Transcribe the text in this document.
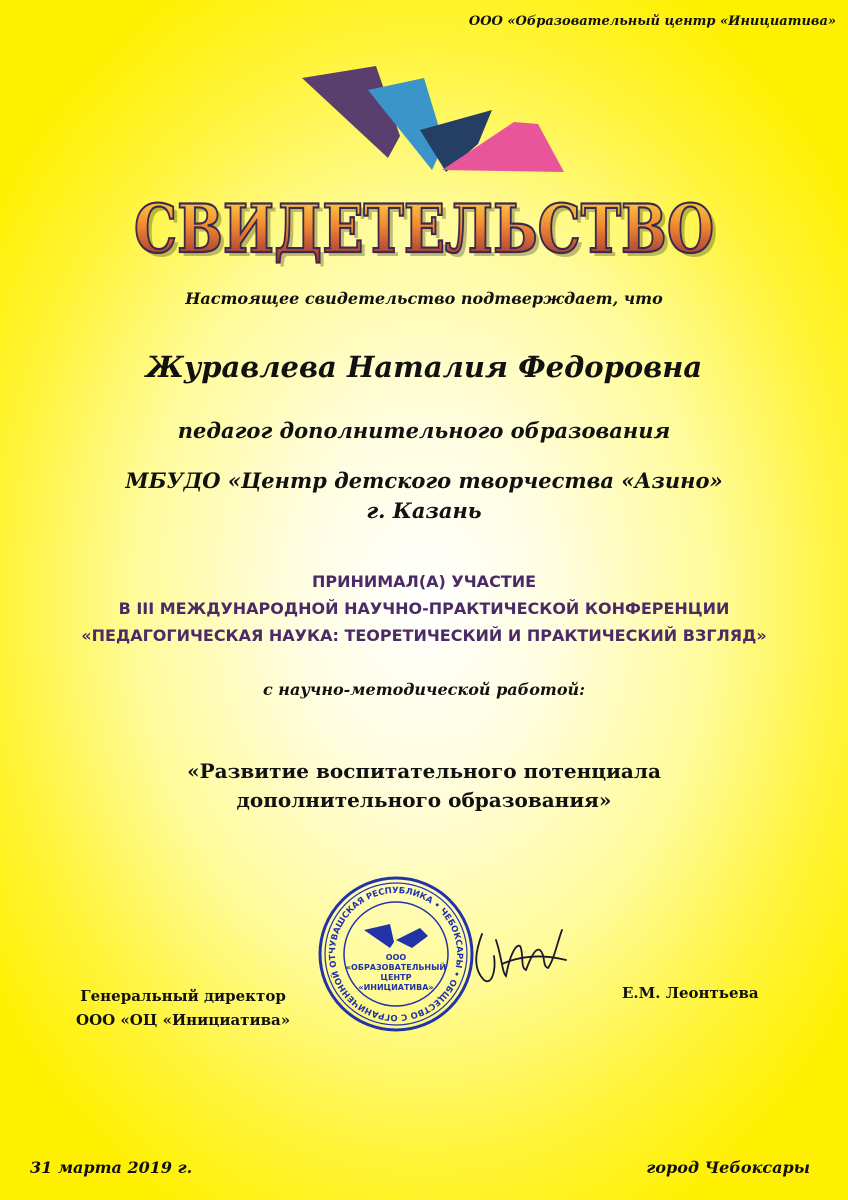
ООО «Образовательный центр «Инициатива»
СВИДЕТЕЛЬСТВО
СВИДЕТЕЛЬСТВО
Настоящее свидетельство подтверждает, что
Журавлева Наталия Федоровна
педагог дополнительного образования
МБУДО «Центр детского творчества «Азино»
г. Казань
ПРИНИМАЛ(А) УЧАСТИЕ
В III МЕЖДУНАРОДНОЙ НАУЧНО-ПРАКТИЧЕСКОЙ КОНФЕРЕНЦИИ
«ПЕДАГОГИЧЕСКАЯ НАУКА: ТЕОРЕТИЧЕСКИЙ И ПРАКТИЧЕСКИЙ ВЗГЛЯД»
с научно-методической работой:
«Развитие воспитательного потенциала
дополнительного образования»
Генеральный директор
ООО «ОЦ «Инициатива»
ЧУВАШСКАЯ РЕСПУБЛИКА • ЧЕБОКСАРЫ • ОБЩЕСТВО С ОГРАНИЧЕННОЙ ОТ	ООО
«ОБРАЗОВАТЕЛЬНЫЙ
ЦЕНТР
«ИНИЦИАТИВА»	Е.М. Леонтьева
31 марта 2019 г.	город Чебоксары
